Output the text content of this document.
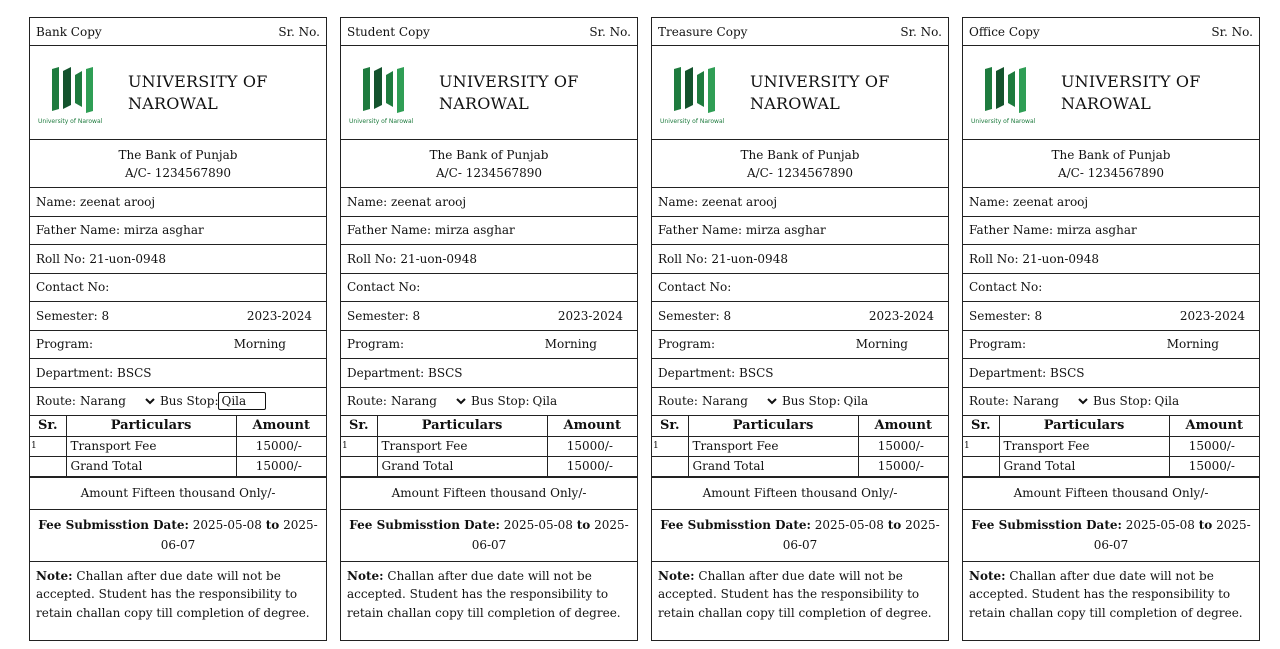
Bank Copy	Sr. No.
University of Narowal
UNIVERSITY OF
NAROWAL
The Bank of Punjab
A/C- 1234567890
Name: zeenat arooj
Father Name: mirza asghar
Roll No: 21-uon-0948
Contact No:
Semester: 8	2023-2024
Program:	Morning
Department: BSCS
Route:
Narang	Bus Stop:
Qila
Sr.	Particulars	Amount
1	Transport Fee	15000/-
	Grand Total	15000/-
Amount Fifteen thousand Only/-
Fee Submisstion Date: 2025-05-08 to 2025-06-07
Note: Challan after due date will not be accepted. Student has the responsibility to retain challan copy till completion of degree.
Student Copy	Sr. No.
University of Narowal
UNIVERSITY OF
NAROWAL
The Bank of Punjab
A/C- 1234567890
Name: zeenat arooj
Father Name: mirza asghar
Roll No: 21-uon-0948
Contact No:
Semester: 8	2023-2024
Program:	Morning
Department: BSCS
Route:
Narang	Bus Stop:
Qila
Sr.	Particulars	Amount
1	Transport Fee	15000/-
	Grand Total	15000/-
Amount Fifteen thousand Only/-
Fee Submisstion Date: 2025-05-08 to 2025-06-07
Note: Challan after due date will not be accepted. Student has the responsibility to retain challan copy till completion of degree.
Treasure Copy	Sr. No.
University of Narowal
UNIVERSITY OF
NAROWAL
The Bank of Punjab
A/C- 1234567890
Name: zeenat arooj
Father Name: mirza asghar
Roll No: 21-uon-0948
Contact No:
Semester: 8	2023-2024
Program:	Morning
Department: BSCS
Route:
Narang	Bus Stop:
Qila
Sr.	Particulars	Amount
1	Transport Fee	15000/-
	Grand Total	15000/-
Amount Fifteen thousand Only/-
Fee Submisstion Date: 2025-05-08 to 2025-06-07
Note: Challan after due date will not be accepted. Student has the responsibility to retain challan copy till completion of degree.
Office Copy	Sr. No.
University of Narowal
UNIVERSITY OF
NAROWAL
The Bank of Punjab
A/C- 1234567890
Name: zeenat arooj
Father Name: mirza asghar
Roll No: 21-uon-0948
Contact No:
Semester: 8	2023-2024
Program:	Morning
Department: BSCS
Route:
Narang	Bus Stop:
Qila
Sr.	Particulars	Amount
1	Transport Fee	15000/-
	Grand Total	15000/-
Amount Fifteen thousand Only/-
Fee Submisstion Date: 2025-05-08 to 2025-06-07
Note: Challan after due date will not be accepted. Student has the responsibility to retain challan copy till completion of degree.
